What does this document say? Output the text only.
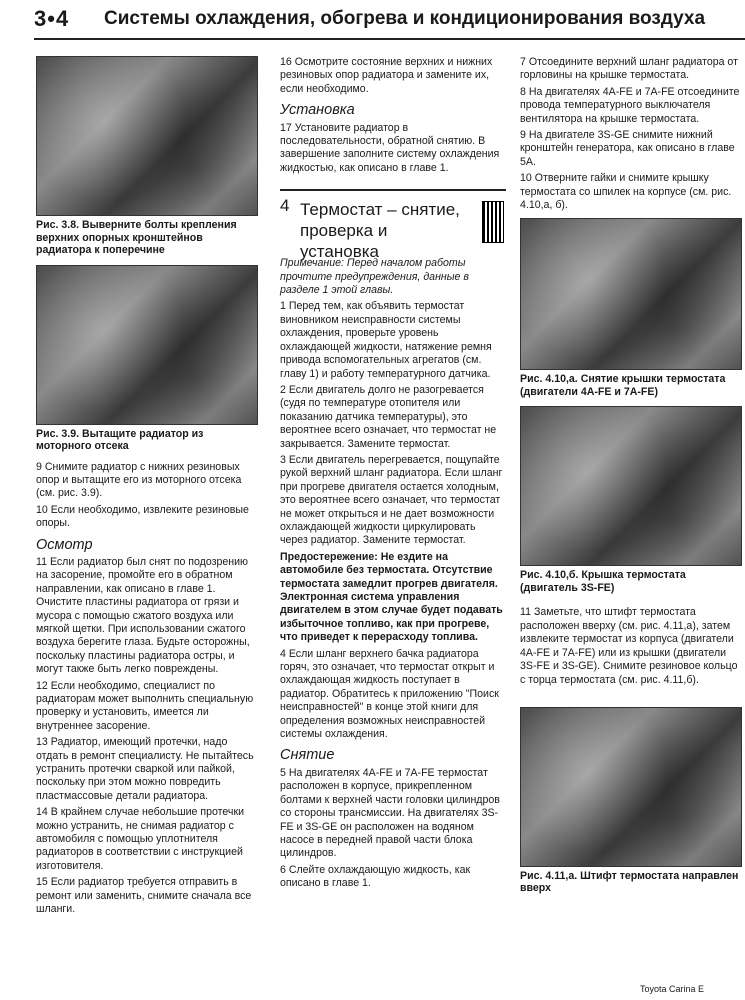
3•4 Системы охлаждения, обогрева и кондиционирования воздуха
Рис. 3.8. Выверните болты крепления верхних опорных кронштейнов радиатора к поперечине
Рис. 3.9. Вытащите радиатор из моторного отсека

9 Снимите радиатор с нижних резиновых опор и вытащите его из моторного отсека (см. рис. 3.9).

10 Если необходимо, извлеките резиновые опоры.

Осмотр

11 Если радиатор был снят по подозрению на засорение, промойте его в обратном направлении, как описано в главе 1. Очистите пластины радиатора от грязи и мусора с помощью сжатого воздуха или мягкой щетки. При использовании сжатого воздуха берегите глаза. Будьте осторожны, поскольку пластины радиатора остры, и могут также быть легко повреждены.

12 Если необходимо, специалист по радиаторам может выполнить специальную проверку и установить, имеется ли внутреннее засорение.

13 Радиатор, имеющий протечки, надо отдать в ремонт специалисту. Не пытайтесь устранить протечки сваркой или пайкой, поскольку при этом можно повредить пластмассовые детали радиатора.

14 В крайнем случае небольшие протечки можно устранить, не снимая радиатор с автомобиля с помощью уплотнителя радиаторов в соответствии с инструкцией изготовителя.

15 Если радиатор требуется отправить в ремонт или заменить, снимите сначала все шланги.

16 Осмотрите состояние верхних и нижних резиновых опор радиатора и замените их, если необходимо.

Установка

17 Установите радиатор в последовательности, обратной снятию. В завершение заполните систему охлаждения жидкостью, как описано в главе 1.

4 Термостат – снятие, проверка и установка

Примечание: Перед началом работы прочтите предупреждения, данные в разделе 1 этой главы.

1 Перед тем, как объявить термостат виновником неисправности системы охлаждения, проверьте уровень охлаждающей жидкости, натяжение ремня привода вспомогательных агрегатов (см. главу 1) и работу температурного датчика.

2 Если двигатель долго не разогревается (судя по температуре отопителя или показанию датчика температуры), это вероятнее всего означает, что термостат не закрывается. Замените термостат.

3 Если двигатель перегревается, пощупайте рукой верхний шланг радиатора. Если шланг при прогреве двигателя остается холодным, это вероятнее всего означает, что термостат не может открыться и не дает возможности охлаждающей жидкости циркулировать через радиатор. Замените термостат.

Предостережение: Не ездите на автомобиле без термостата. Отсутствие термостата замедлит прогрев двигателя. Электронная система управления двигателем в этом случае будет подавать избыточное топливо, как при прогреве, что приведет к перерасходу топлива.

4 Если шланг верхнего бачка радиатора горяч, это означает, что термостат открыт и охлаждающая жидкость поступает в радиатор. Обратитесь к приложению "Поиск неисправностей" в конце этой книги для определения возможных неисправностей системы охлаждения.

Снятие

5 На двигателях 4A-FE и 7A-FE термостат расположен в корпусе, прикрепленном болтами к верхней части головки цилиндров со стороны трансмиссии. На двигателях 3S-FE и 3S-GE он расположен на водяном насосе в передней правой части блока цилиндров.

6 Слейте охлаждающую жидкость, как описано в главе 1.

7 Отсоедините верхний шланг радиатора от горловины на крышке термостата.

8 На двигателях 4A-FE и 7A-FE отсоедините провода температурного выключателя вентилятора на крышке термостата.

9 На двигателе 3S-GE снимите нижний кронштейн генератора, как описано в главе 5А.

10 Отверните гайки и снимите крышку термостата со шпилек на корпусе (см. рис. 4.10,а, б).

Рис. 4.10,а. Снятие крышки термостата (двигатели 4A-FE и 7A-FE)
Рис. 4.10,б. Крышка термостата (двигатель 3S-FE)

11 Заметьте, что штифт термостата расположен вверху (см. рис. 4.11,а), затем извлеките термостат из корпуса (двигатели 4A-FE и 7A-FE) или из крышки (двигатели 3S-FE и 3S-GE). Снимите резиновое кольцо с торца термостата (см. рис. 4.11,б).

Рис. 4.11,а. Штифт термостата направлен вверх
Toyota Carina E
